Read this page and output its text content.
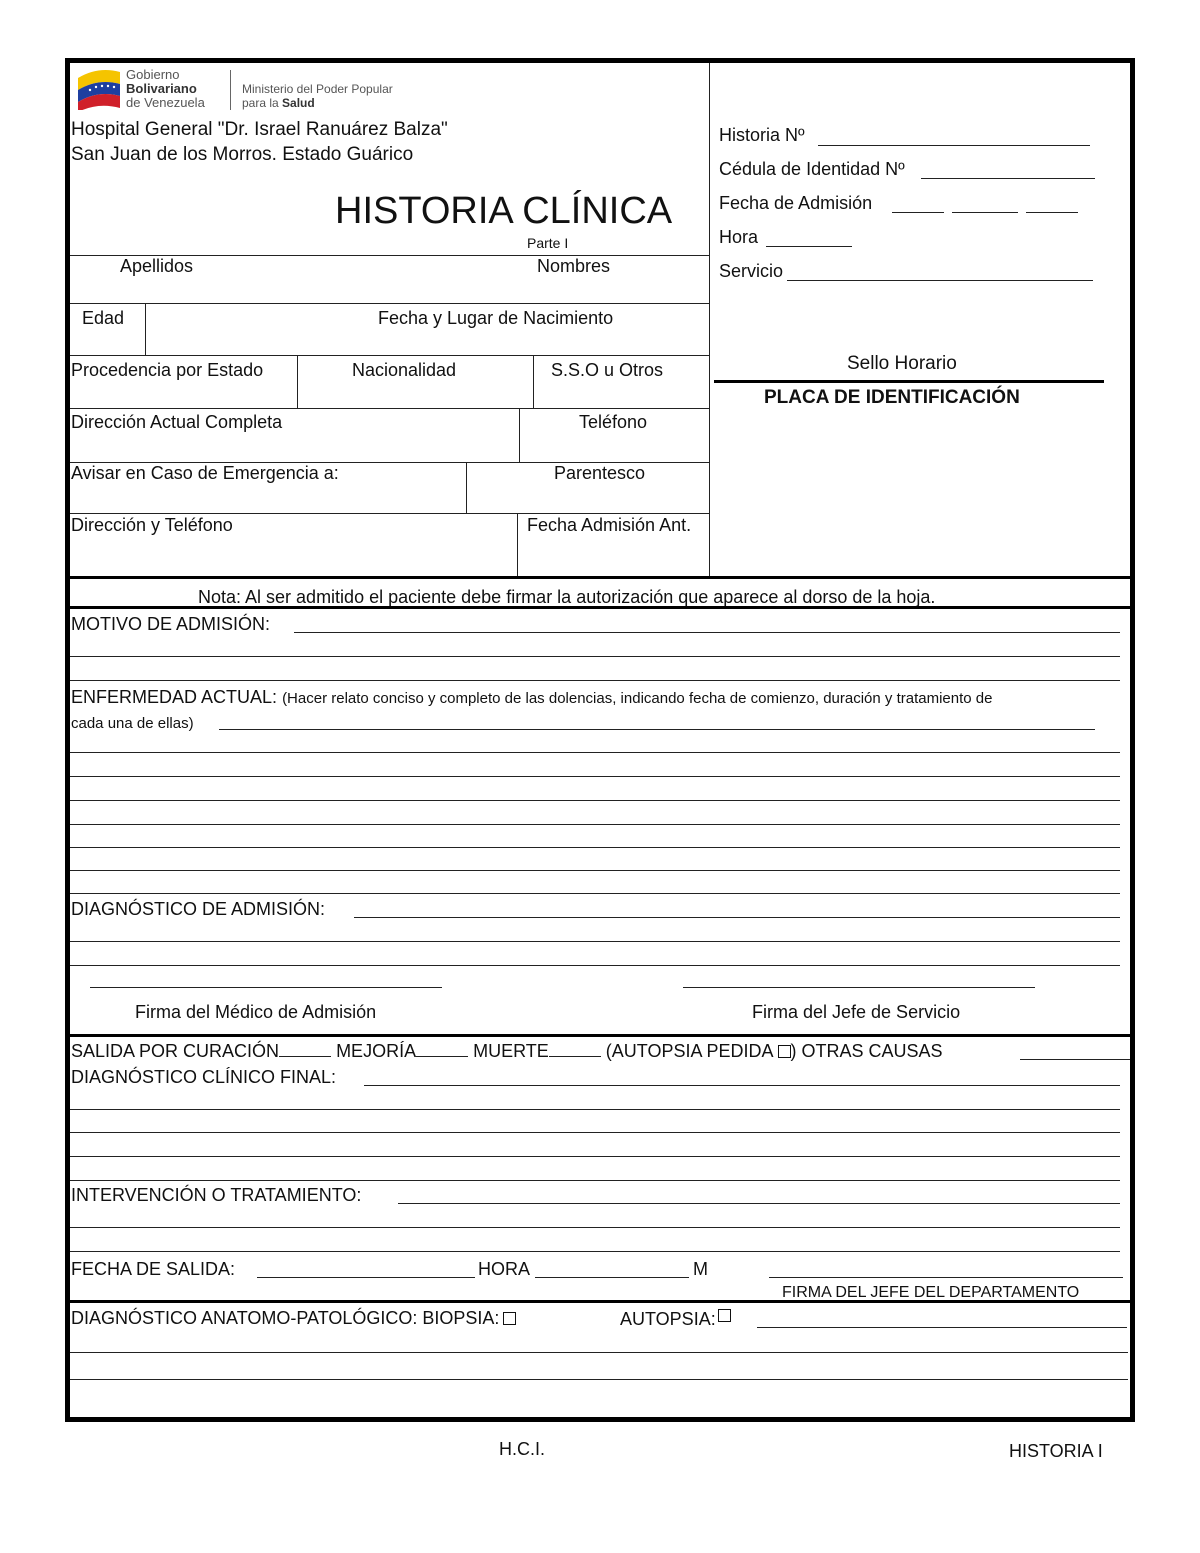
Gobierno
Bolivariano
de Venezuela
Ministerio del Poder Popular
para la Salud
Hospital General "Dr. Israel Ranuárez Balza"
San Juan de los Morros. Estado Guárico
HISTORIA CLÍNICA
Parte I
Historia Nº
Cédula de Identidad Nº
Fecha de Admisión
Hora
Servicio
Sello Horario
PLACA DE IDENTIFICACIÓN
Apellidos	Nombres
Edad	Fecha y Lugar de Nacimiento
Procedencia por Estado	Nacionalidad	S.S.O u Otros
Dirección Actual Completa	Teléfono
Avisar en Caso de Emergencia a:	Parentesco
Dirección y Teléfono	Fecha Admisión Ant.
Nota: Al ser admitido el paciente debe firmar la autorización que aparece al dorso de la hoja.
MOTIVO DE ADMISIÓN:
ENFERMEDAD ACTUAL: (Hacer relato conciso y completo de las dolencias, indicando fecha de comienzo, duración y tratamiento de
cada una de ellas)
DIAGNÓSTICO DE ADMISIÓN:
Firma del Médico de Admisión	Firma del Jefe de Servicio
SALIDA POR CURACIÓN	MEJORÍA	MUERTE	(AUTOPSIA PEDIDA ) OTRAS CAUSAS
DIAGNÓSTICO CLÍNICO FINAL:
INTERVENCIÓN O TRATAMIENTO:
FECHA DE SALIDA:	HORA	M
FIRMA DEL JEFE DEL DEPARTAMENTO
DIAGNÓSTICO ANATOMO-PATOLÓGICO: BIOPSIA:	AUTOPSIA:
H.C.I.	HISTORIA I
